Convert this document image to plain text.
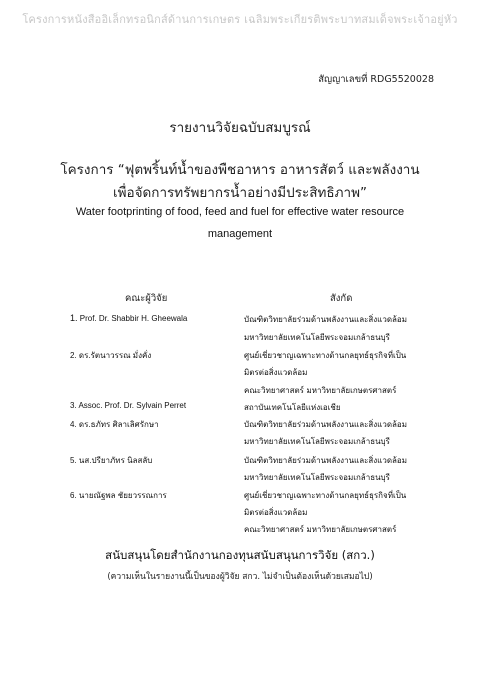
โครงการหนังสืออิเล็กทรอนิกส์ด้านการเกษตร เฉลิมพระเกียรติพระบาทสมเด็จพระเจ้าอยู่หัว
สัญญาเลขที่ RDG5520028
รายงานวิจัยฉบับสมบูรณ์
โครงการ “ฟุตพริ้นท์น้ำของพืชอาหาร อาหารสัตว์ และพลังงาน
เพื่อจัดการทรัพยากรน้ำอย่างมีประสิทธิภาพ”
Water footprinting of food, feed and fuel for effective water resource
management
คณะผู้วิจัย	สังกัด
1. Prof. Dr. Shabbir H. Gheewala	บัณฑิตวิทยาลัยร่วมด้านพลังงานและสิ่งแวดล้อม
มหาวิทยาลัยเทคโนโลยีพระจอมเกล้าธนบุรี
2. ดร.รัตนาวรรณ มั่งคั่ง	ศูนย์เชี่ยวชาญเฉพาะทางด้านกลยุทธ์ธุรกิจที่เป็น
มิตรต่อสิ่งแวดล้อม
คณะวิทยาศาสตร์ มหาวิทยาลัยเกษตรศาสตร์
3. Assoc. Prof. Dr. Sylvain Perret	สถาบันเทคโนโลยีแห่งเอเชีย
4. ดร.ธภัทร ศิลาเลิศรักษา	บัณฑิตวิทยาลัยร่วมด้านพลังงานและสิ่งแวดล้อม
มหาวิทยาลัยเทคโนโลยีพระจอมเกล้าธนบุรี
5. นส.ปรียาภัทร นิลสลับ	บัณฑิตวิทยาลัยร่วมด้านพลังงานและสิ่งแวดล้อม
มหาวิทยาลัยเทคโนโลยีพระจอมเกล้าธนบุรี
6. นายณัฐพล ชัยยวรรณการ	ศูนย์เชี่ยวชาญเฉพาะทางด้านกลยุทธ์ธุรกิจที่เป็น
มิตรต่อสิ่งแวดล้อม
คณะวิทยาศาสตร์ มหาวิทยาลัยเกษตรศาสตร์
สนับสนุนโดยสำนักงานกองทุนสนับสนุนการวิจัย (สกว.)
(ความเห็นในรายงานนี้เป็นของผู้วิจัย สกว. ไม่จำเป็นต้องเห็นด้วยเสมอไป)
